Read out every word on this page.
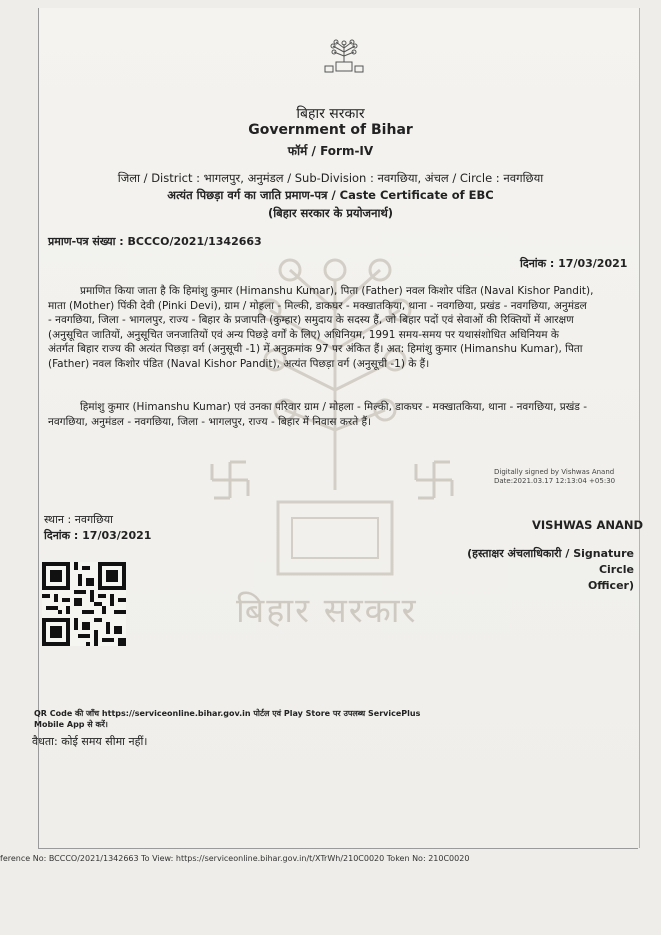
बिहार सरकार
बिहार सरकार
Government of Bihar
फॉर्म / Form-IV
जिला / District : भागलपुर, अनुमंडल / Sub-Division : नवगछिया, अंचल / Circle : नवगछिया
अत्यंत पिछड़ा वर्ग का जाति प्रमाण-पत्र / Caste Certificate of EBC
(बिहार सरकार के प्रयोजनार्थ)
प्रमाण-पत्र संख्या : BCCCO/2021/1342663
दिनांक : 17/03/2021
प्रमाणित किया जाता है कि हिमांशु कुमार (Himanshu Kumar), पिता (Father) नवल किशोर पंडित (Naval Kishor Pandit),
माता (Mother) पिंकी देवी (Pinki Devi), ग्राम / मोहला - मिल्की, डाकघर - मक्खातकिया, थाना - नवगछिया, प्रखंड - नवगछिया, अनुमंडल
- नवगछिया, जिला - भागलपुर, राज्य - बिहार के प्रजापति (कुम्हार) समुदाय के सदस्य हैं, जो बिहार पदों एवं सेवाओं की रिक्तियों में आरक्षण
(अनुसूचित जातियों, अनुसूचित जनजातियों एवं अन्य पिछड़े वर्गों के लिए) अधिनियम, 1991 समय-समय पर यथासंशोधित अधिनियम के
अंतर्गत बिहार राज्य की अत्यंत पिछड़ा वर्ग (अनुसूची -1) में अनुक्रमांक 97 पर अंकित हैं। अत: हिमांशु कुमार (Himanshu Kumar), पिता
(Father) नवल किशोर पंडित (Naval Kishor Pandit), अत्यंत पिछड़ा वर्ग (अनुसूची -1) के हैं।
हिमांशु कुमार (Himanshu Kumar) एवं उनका परिवार ग्राम / मोहला - मिल्की, डाकघर - मक्खातकिया, थाना - नवगछिया, प्रखंड -
नवगछिया, अनुमंडल - नवगछिया, जिला - भागलपुर, राज्य - बिहार में निवास करते हैं।
Digitally signed by Vishwas Anand
Date:2021.03.17 12:13:04 +05:30
स्थान : नवगछिया
दिनांक : 17/03/2021
VISHWAS ANAND
(हस्ताक्षर अंचलाधिकारी / Signature Circle
Officer)
QR Code की जाँच https://serviceonline.bihar.gov.in पोर्टल एवं Play Store पर उपलब्ध ServicePlus
Mobile App से करें।
वैधता: कोई समय सीमा नहीं।
ference No: BCCCO/2021/1342663 To View: https://serviceonline.bihar.gov.in/t/XTrWh/210C0020 Token No: 210C0020
